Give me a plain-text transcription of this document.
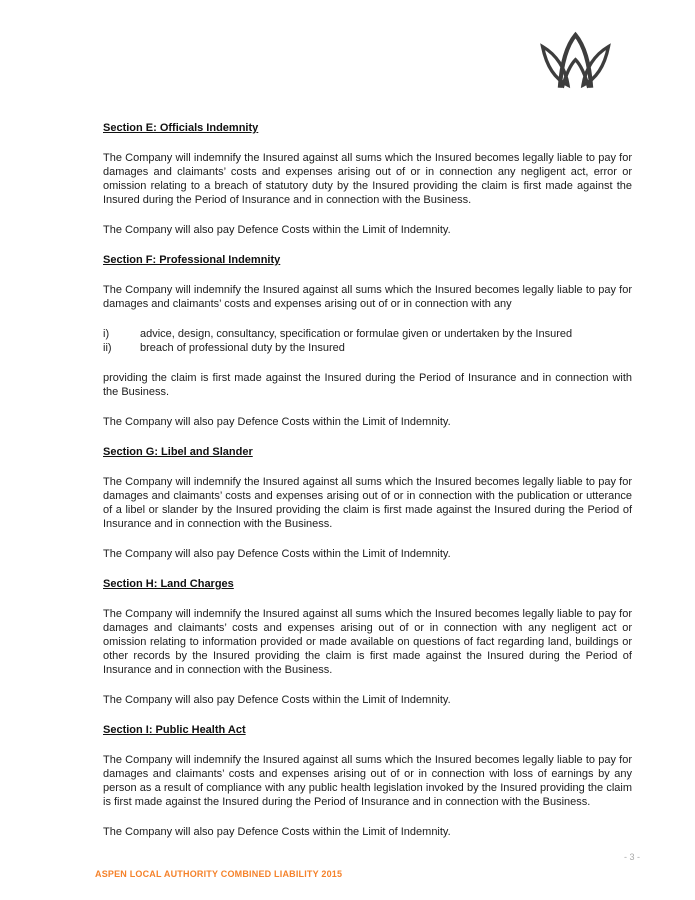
Section E: Officials Indemnity

The Company will indemnify the Insured against all sums which the Insured becomes legally liable to pay for damages and claimants’ costs and expenses arising out of or in connection any negligent act, error or omission relating to a breach of statutory duty by the Insured providing the claim is first made against the Insured during the Period of Insurance and in connection with the Business.

The Company will also pay Defence Costs within the Limit of Indemnity.

Section F: Professional Indemnity

The Company will indemnify the Insured against all sums which the Insured becomes legally liable to pay for damages and claimants’ costs and expenses arising out of or in connection with any

i)	advice, design, consultancy, specification or formulae given or undertaken by the Insured
ii)	breach of professional duty by the Insured

providing the claim is first made against the Insured during the Period of Insurance and in connection with the Business.

The Company will also pay Defence Costs within the Limit of Indemnity.

Section G: Libel and Slander

The Company will indemnify the Insured against all sums which the Insured becomes legally liable to pay for damages and claimants’ costs and expenses arising out of or in connection with the publication or utterance of a libel or slander by the Insured providing the claim is first made against the Insured during the Period of Insurance and in connection with the Business.

The Company will also pay Defence Costs within the Limit of Indemnity.

Section H: Land Charges

The Company will indemnify the Insured against all sums which the Insured becomes legally liable to pay for damages and claimants’ costs and expenses arising out of or in connection with any negligent act or omission relating to information provided or made available on questions of fact regarding land, buildings or other records by the Insured providing the claim is first made against the Insured during the Period of Insurance and in connection with the Business.

The Company will also pay Defence Costs within the Limit of Indemnity.

Section I: Public Health Act

The Company will indemnify the Insured against all sums which the Insured becomes legally liable to pay for damages and claimants’ costs and expenses arising out of or in connection with loss of earnings by any person as a result of compliance with any public health legislation invoked by the Insured providing the claim is first made against the Insured during the Period of Insurance and in connection with the Business.

The Company will also pay Defence Costs within the Limit of Indemnity.

- 3 -
ASPEN LOCAL AUTHORITY COMBINED LIABILITY 2015
